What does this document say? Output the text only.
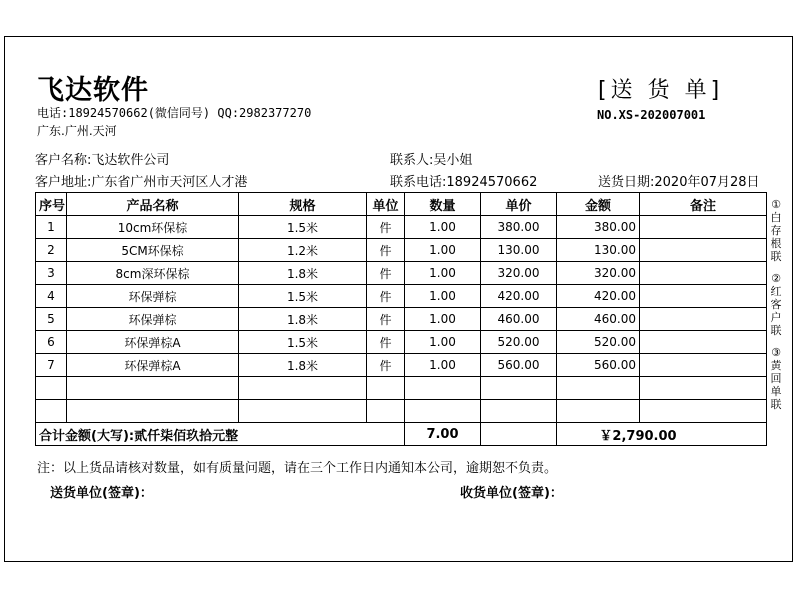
飞达软件
电话:18924570662(微信同号) QQ:2982377270
广东.广州.天河
[送 货 单]
NO.XS-202007001
客户名称:飞达软件公司
客户地址:广东省广州市天河区人才港
联系人:吴小姐
联系电话:18924570662	送货日期:2020年07月28日
序号	产品名称	规格	单位	数量	单价	金额	备注
1	10cm环保棕	1.5米	件	1.00	380.00	380.00	
2	5CM环保棕	1.2米	件	1.00	130.00	130.00	
3	8cm深环保棕	1.8米	件	1.00	320.00	320.00	
4	环保弹棕	1.5米	件	1.00	420.00	420.00	
5	环保弹棕	1.8米	件	1.00	460.00	460.00	
6	环保弹棕A	1.5米	件	1.00	520.00	520.00	
7	环保弹棕A	1.8米	件	1.00	560.00	560.00	

合计金额(大写):贰仟柒佰玖拾元整				7.00		￥2,790.00	
①白存根联
②红客户联
③黄回单联
注：以上货品请核对数量，如有质量问题，请在三个工作日内通知本公司，逾期恕不负责。
送货单位(签章)：	收货单位(签章)：
